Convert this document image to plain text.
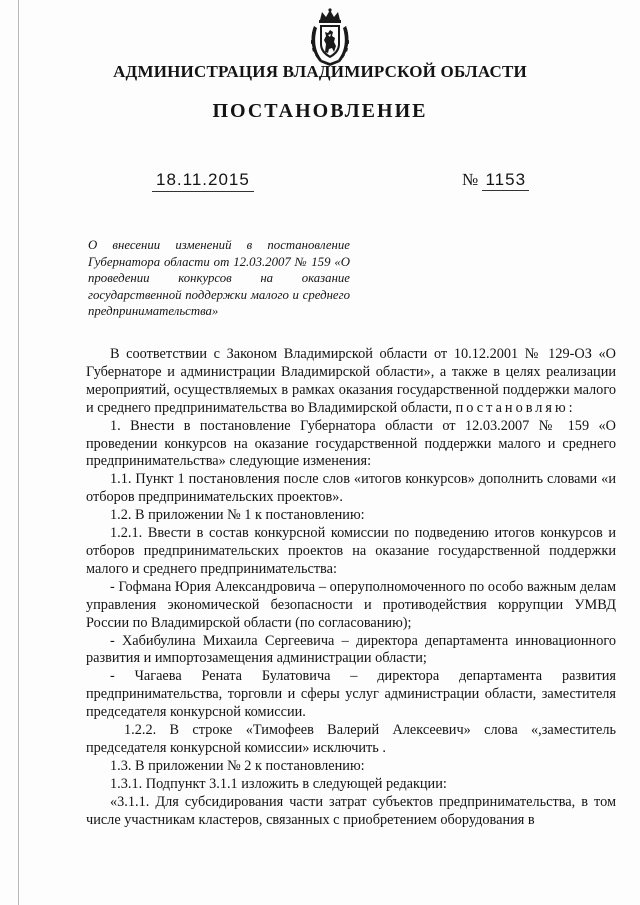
АДМИНИСТРАЦИЯ ВЛАДИМИРСКОЙ ОБЛАСТИ
ПОСТАНОВЛЕНИЕ
18.11.2015	№ 1153
О внесении изменений в постановление Губернатора области от 12.03.2007 № 159 «О проведении конкурсов на оказание государственной поддержки малого и среднего предпринимательства»

В соответствии с Законом Владимирской области от 10.12.2001 № 129-ОЗ «О Губернаторе и администрации Владимирской области», а также в целях реализации мероприятий, осуществляемых в рамках оказания государственной поддержки малого и среднего предпринимательства во Владимирской области, постановляю:

1. Внести в постановление Губернатора области от 12.03.2007 № 159 «О проведении конкурсов на оказание государственной поддержки малого и среднего предпринимательства» следующие изменения:

1.1. Пункт 1 постановления после слов «итогов конкурсов» дополнить словами «и отборов предпринимательских проектов».

1.2. В приложении № 1 к постановлению:

1.2.1. Ввести в состав конкурсной комиссии по подведению итогов конкурсов и отборов предпринимательских проектов на оказание государственной поддержки малого и среднего предпринимательства:

- Гофмана Юрия Александровича – оперуполномоченного по особо важным делам управления экономической безопасности и противодействия коррупции УМВД России по Владимирской области (по согласованию);

- Хабибулина Михаила Сергеевича – директора департамента инновационного развития и импортозамещения администрации области;

- Чагаева Рената Булатовича – директора департамента развития предпринимательства, торговли и сферы услуг администрации области, заместителя председателя конкурсной комиссии.

1.2.2. В строке «Тимофеев Валерий Алексеевич» слова «,заместитель председателя конкурсной комиссии» исключить .

1.3. В приложении № 2 к постановлению:

1.3.1. Подпункт 3.1.1 изложить в следующей редакции:

«3.1.1. Для субсидирования части затрат субъектов предпринимательства, в том числе участникам кластеров, связанных с приобретением оборудования в
